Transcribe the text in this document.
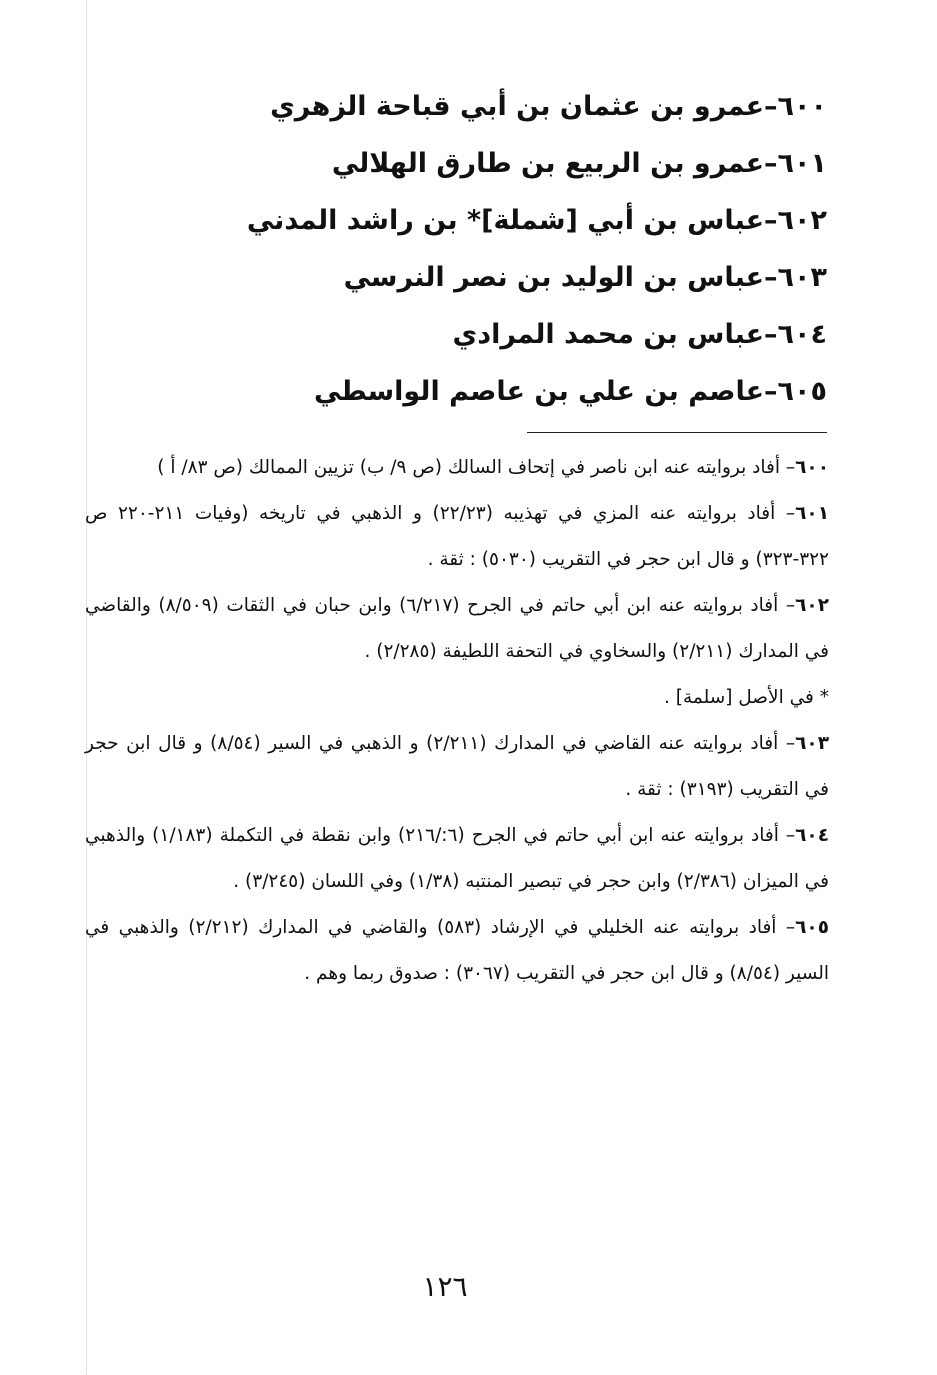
٦٠٠–عمرو بن عثمان بن أبي قباحة الزهري
٦٠١–عمرو بن الربيع بن طارق الهلالي
٦٠٢–عباس بن أبي [شملة]* بن راشد المدني
٦٠٣–عباس بن الوليد بن نصر النرسي
٦٠٤–عباس بن محمد المرادي
٦٠٥–عاصم بن علي بن عاصم الواسطي

٦٠٠– أفاد بروايته عنه ابن ناصر في إتحاف السالك (ص ٩/ ب) تزيين الممالك (ص ٨٣/ أ )

٦٠١– أفاد بروايته عنه المزي في تهذيبه (٢٢/٢٣) و الذهبي في تاريخه (وفيات ٢١١-٢٢٠ ص ٣٢٢-٣٢٣) و قال ابن حجر في التقريب (٥٠٣٠) : ثقة .

٦٠٢– أفاد بروايته عنه ابن أبي حاتم في الجرح (٦/٢١٧) وابن حبان في الثقات (٨/٥٠٩) والقاضي في المدارك (٢/٢١١) والسخاوي في التحفة اللطيفة (٢/٢٨٥) .

* في الأصل [سلمة] .

٦٠٣– أفاد بروايته عنه القاضي في المدارك (٢/٢١١) و الذهبي في السير (٨/٥٤) و قال ابن حجر في التقريب (٣١٩٣) : ثقة .

٦٠٤– أفاد بروايته عنه ابن أبي حاتم في الجرح (٦:/٢١٦) وابن نقطة في التكملة (١/١٨٣) والذهبي في الميزان (٢/٣٨٦) وابن حجر في تبصير المنتبه (١/٣٨) وفي اللسان (٣/٢٤٥) .

٦٠٥– أفاد بروايته عنه الخليلي في الإرشاد (٥٨٣) والقاضي في المدارك (٢/٢١٢) والذهبي في السير (٨/٥٤) و قال ابن حجر في التقريب (٣٠٦٧) : صدوق ربما وهم .

١٢٦
